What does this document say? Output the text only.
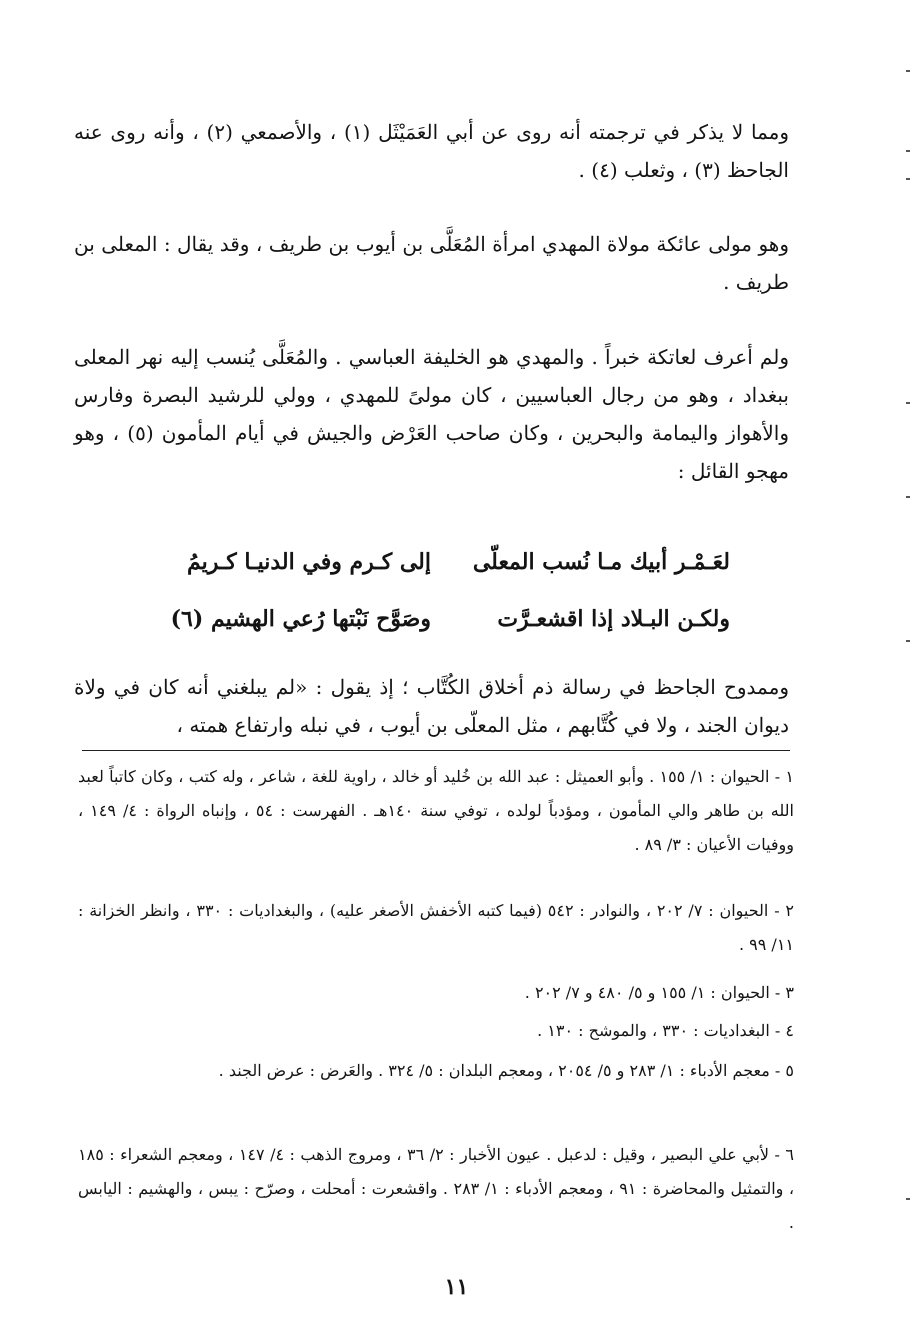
ومما لا يذكر في ترجمته أنه روى عن أبي العَمَيْثَل (١) ، والأصمعي (٢) ، وأنه روى عنه الجاحظ (٣) ، وثعلب (٤) .

وهو مولى عائكة مولاة المهدي امرأة المُعَلَّى بن أيوب بن طريف ، وقد يقال : المعلى بن طريف .

ولم أعرف لعاتكة خبراً . والمهدي هو الخليفة العباسي . والمُعَلَّى يُنسب إليه نهر المعلى ببغداد ، وهو من رجال العباسيين ، كان مولىً للمهدي ، وولي للرشيد البصرة وفارس والأهواز واليمامة والبحرين ، وكان صاحب العَرْض والجيش في أيام المأمون (٥) ، وهو مهجو القائل :

لعَـمْـر أبيك مـا نُسب المعلّى
إلى كـرم وفي الدنيـا كـريمُ
ولكـن البـلاد إذا اقشعـرَّت
وصَوَّح نَبْتها رُعي الهشيم (٦)

وممدوح الجاحظ في رسالة ذم أخلاق الكُتَّاب ؛ إذ يقول : «لم يبلغني أنه كان في ولاة ديوان الجند ، ولا في كُتَّابهم ، مثل المعلّى بن أيوب ، في نبله وارتفاع همته ،

١ - الحيوان : ١/ ١٥٥ . وأبو العميثل : عبد الله بن خُليد أو خالد ، راوية للغة ، شاعر ، وله كتب ، وكان كاتباً لعبد الله بن طاهر والي المأمون ، ومؤدباً لولده ، توفي سنة ١٤٠هـ . الفهرست : ٥٤ ، وإنباه الرواة : ٤/ ١٤٩ ، ووفيات الأعيان : ٣/ ٨٩ .

٢ - الحيوان : ٧/ ٢٠٢ ، والنوادر : ٥٤٢ (فيما كتبه الأخفش الأصغر عليه) ، والبغداديات : ٣٣٠ ، وانظر الخزانة : ١١/ ٩٩ .

٣ - الحيوان : ١/ ١٥٥ و ٥/ ٤٨٠ و ٧/ ٢٠٢ .

٤ - البغداديات : ٣٣٠ ، والموشح : ١٣٠ .

٥ - معجم الأدباء : ١/ ٢٨٣ و ٥/ ٢٠٥٤ ، ومعجم البلدان : ٥/ ٣٢٤ . والعَرض : عرض الجند .

٦ - لأبي علي البصير ، وقيل : لدعبل . عيون الأخبار : ٢/ ٣٦ ، ومروج الذهب : ٤/ ١٤٧ ، ومعجم الشعراء : ١٨٥ ، والتمثيل والمحاضرة : ٩١ ، ومعجم الأدباء : ١/ ٢٨٣ . واقشعرت : أمحلت ، وصرّح : يبس ، والهشيم : اليابس .

١١
